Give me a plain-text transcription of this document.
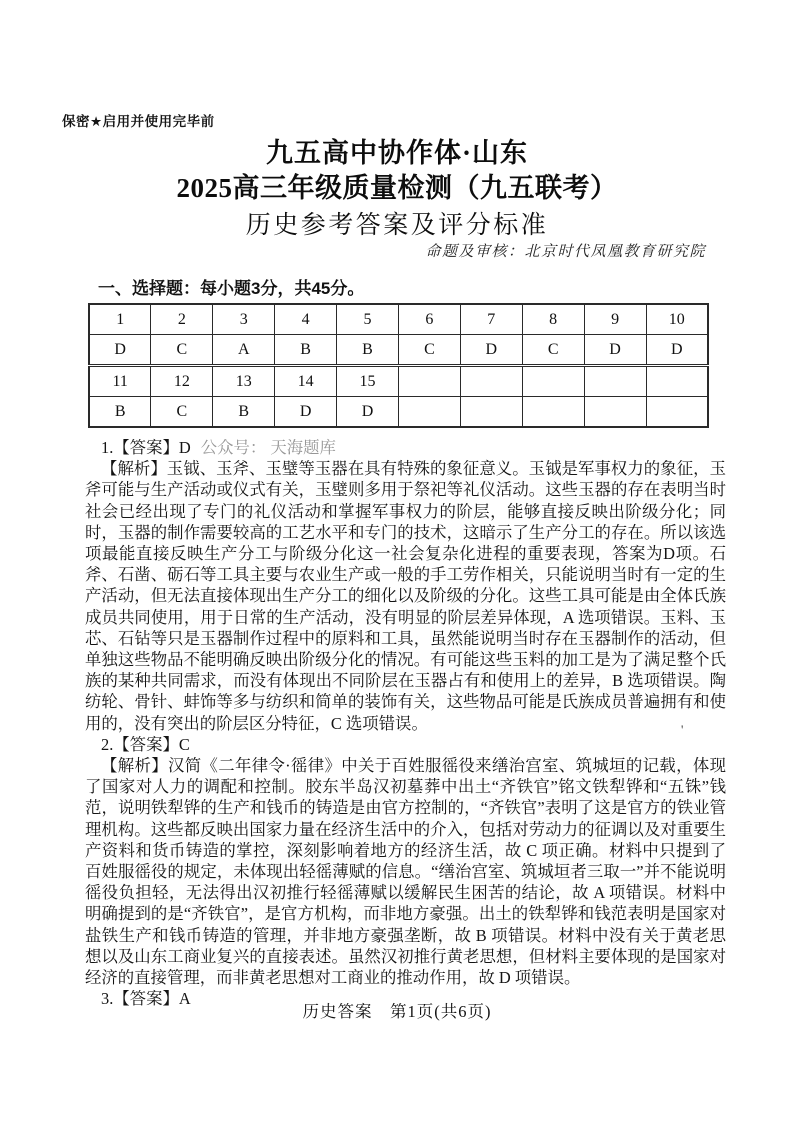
保密★启用并使用完毕前
九五高中协作体·山东
2025高三年级质量检测（九五联考）
历史参考答案及评分标准
命题及审核：北京时代凤凰教育研究院
一、选择题：每小题3分，共45分。
1	2	3	4	5	6	7	8	9	10
D	C	A	B	B	C	D	C	D	D
11	12	13	14	15					
B	C	B	D	D					

1.【答案】D 公众号： 天海题库

【解析】玉钺、玉斧、玉璧等玉器在具有特殊的象征意义。玉钺是军事权力的象征，玉斧可能与生产活动或仪式有关，玉璧则多用于祭祀等礼仪活动。这些玉器的存在表明当时社会已经出现了专门的礼仪活动和掌握军事权力的阶层，能够直接反映出阶级分化；同时，玉器的制作需要较高的工艺水平和专门的技术，这暗示了生产分工的存在。所以该选项最能直接反映生产分工与阶级分化这一社会复杂化进程的重要表现，答案为D项。石斧、石凿、砺石等工具主要与农业生产或一般的手工劳作相关，只能说明当时有一定的生产活动，但无法直接体现出生产分工的细化以及阶级的分化。这些工具可能是由全体氏族成员共同使用，用于日常的生产活动，没有明显的阶层差异体现，A 选项错误。玉料、玉芯、石钻等只是玉器制作过程中的原料和工具，虽然能说明当时存在玉器制作的活动，但单独这些物品不能明确反映出阶级分化的情况。有可能这些玉料的加工是为了满足整个氏族的某种共同需求，而没有体现出不同阶层在玉器占有和使用上的差异，B 选项错误。陶纺轮、骨针、蚌饰等多与纺织和简单的装饰有关，这些物品可能是氏族成员普遍拥有和使用的，没有突出的阶层区分特征，C 选项错误。

2.【答案】C

【解析】汉简《二年律令·徭律》中关于百姓服徭役来缮治宫室、筑城垣的记载，体现了国家对人力的调配和控制。胶东半岛汉初墓葬中出土“齐铁官”铭文铁犁铧和“五铢”钱范，说明铁犁铧的生产和钱币的铸造是由官方控制的，“齐铁官”表明了这是官方的铁业管理机构。这些都反映出国家力量在经济生活中的介入，包括对劳动力的征调以及对重要生产资料和货币铸造的掌控，深刻影响着地方的经济生活，故 C 项正确。材料中只提到了百姓服徭役的规定，未体现出轻徭薄赋的信息。“缮治宫室、筑城垣者三取一”并不能说明徭役负担轻，无法得出汉初推行轻徭薄赋以缓解民生困苦的结论，故 A 项错误。材料中明确提到的是“齐铁官”，是官方机构，而非地方豪强。出土的铁犁铧和钱范表明是国家对盐铁生产和钱币铸造的管理，并非地方豪强垄断，故 B 项错误。材料中没有关于黄老思想以及山东工商业复兴的直接表述。虽然汉初推行黄老思想，但材料主要体现的是国家对经济的直接管理，而非黄老思想对工商业的推动作用，故 D 项错误。

3.【答案】A

'
历史答案　第1页(共6页)
